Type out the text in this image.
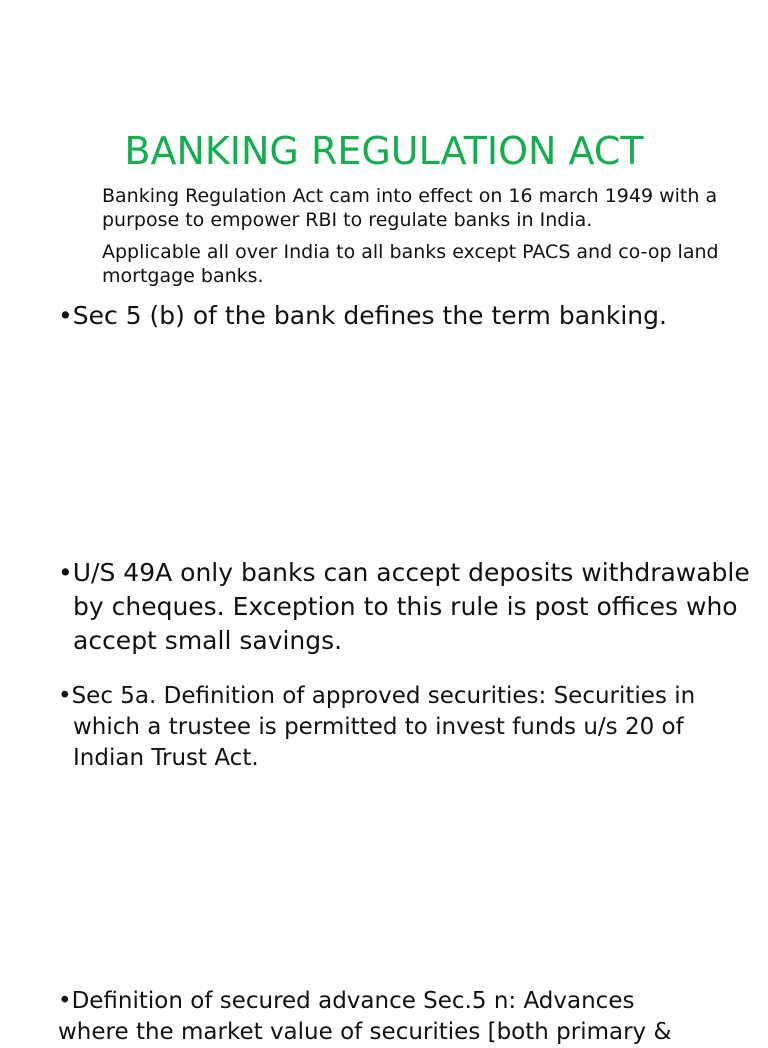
BANKING REGULATION ACT
Banking Regulation Act cam into effect on 16 march 1949 with a purpose to empower RBI to regulate banks in India.
Applicable all over India to all banks except PACS and co-op land mortgage banks.
•Sec 5 (b) of the bank defines the term banking.
•U/S 49A only banks can accept deposits withdrawable by cheques. Exception to this rule is post offices who accept small savings.
•Sec 5a. Definition of approved securities: Securities in which a trustee is permitted to invest funds u/s 20 of Indian Trust Act.
•Definition of secured advance Sec.5 n: Advances
where the market value of securities [both primary &
